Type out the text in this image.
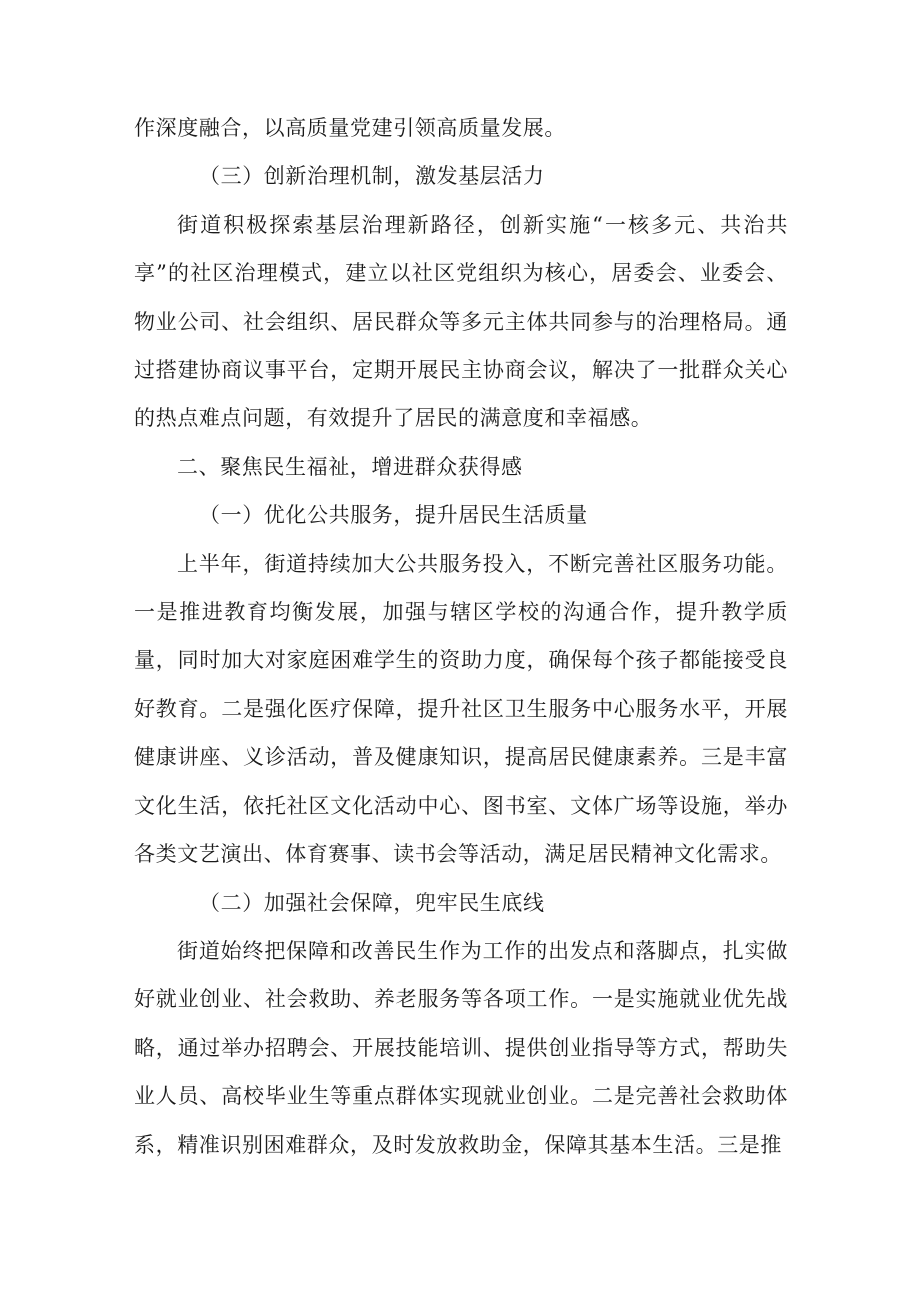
作深度融合，以高质量党建引领高质量发展。

（三）创新治理机制，激发基层活力

街道积极探索基层治理新路径，创新实施“一核多元、共治共享”的社区治理模式，建立以社区党组织为核心，居委会、业委会、物业公司、社会组织、居民群众等多元主体共同参与的治理格局。通过搭建协商议事平台，定期开展民主协商会议，解决了一批群众关心的热点难点问题，有效提升了居民的满意度和幸福感。

二、聚焦民生福祉，增进群众获得感

（一）优化公共服务，提升居民生活质量

上半年，街道持续加大公共服务投入，不断完善社区服务功能。一是推进教育均衡发展，加强与辖区学校的沟通合作，提升教学质量，同时加大对家庭困难学生的资助力度，确保每个孩子都能接受良好教育。二是强化医疗保障，提升社区卫生服务中心服务水平，开展健康讲座、义诊活动，普及健康知识，提高居民健康素养。三是丰富文化生活，依托社区文化活动中心、图书室、文体广场等设施，举办各类文艺演出、体育赛事、读书会等活动，满足居民精神文化需求。

（二）加强社会保障，兜牢民生底线

街道始终把保障和改善民生作为工作的出发点和落脚点，扎实做好就业创业、社会救助、养老服务等各项工作。一是实施就业优先战略，通过举办招聘会、开展技能培训、提供创业指导等方式，帮助失业人员、高校毕业生等重点群体实现就业创业。二是完善社会救助体系，精准识别困难群众，及时发放救助金，保障其基本生活。三是推
